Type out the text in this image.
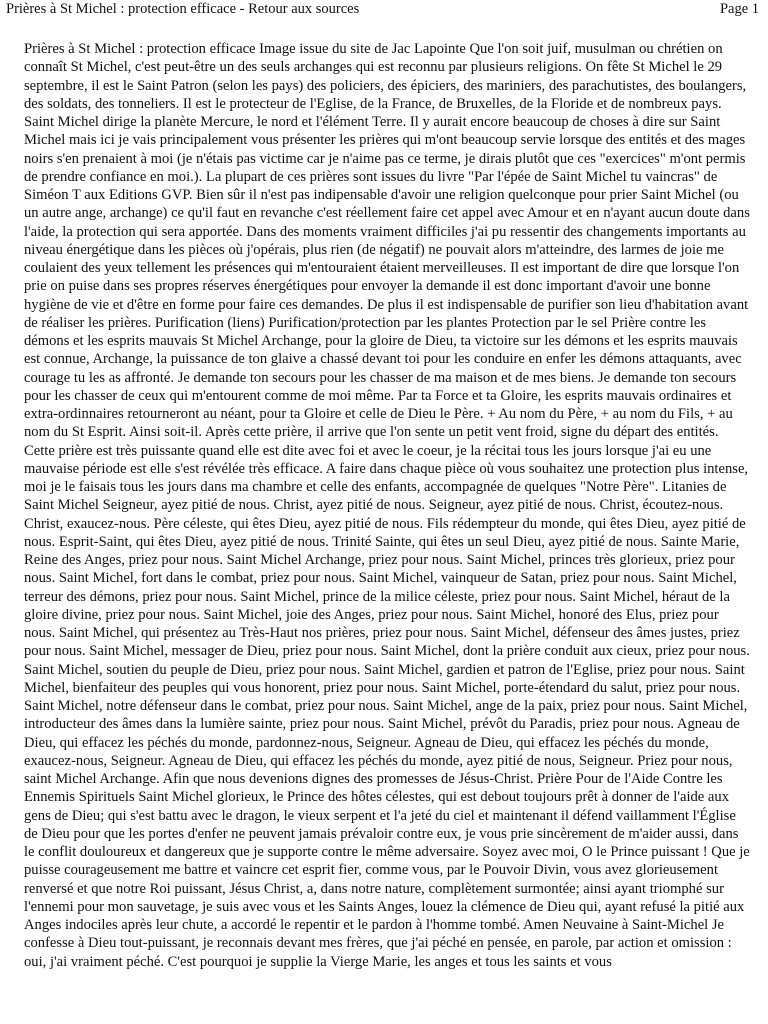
Prières à St Michel : protection efficace - Retour aux sources	Page 1

Prières à St Michel : protection efficace Image issue du site de Jac Lapointe Que l'on soit juif, musulman ou chrétien on connaît St Michel, c'est peut-être un des seuls archanges qui est reconnu par plusieurs religions. On fête St Michel le 29 septembre, il est le Saint Patron (selon les pays) des policiers, des épiciers, des mariniers, des parachutistes, des boulangers, des soldats, des tonneliers. Il est le protecteur de l'Eglise, de la France, de Bruxelles, de la Floride et de nombreux pays. Saint Michel dirige la planète Mercure, le nord et l'élément Terre. Il y aurait encore beaucoup de choses à dire sur Saint Michel mais ici je vais principalement vous présenter les prières qui m'ont beaucoup servie lorsque des entités et des mages noirs s'en prenaient à moi (je n'étais pas victime car je n'aime pas ce terme, je dirais plutôt que ces "exercices" m'ont permis de prendre confiance en moi.). La plupart de ces prières sont issues du livre "Par l'épée de Saint Michel tu vaincras" de Siméon T aux Editions GVP. Bien sûr il n'est pas indipensable d'avoir une religion quelconque pour prier Saint Michel (ou un autre ange, archange) ce qu'il faut en revanche c'est réellement faire cet appel avec Amour et en n'ayant aucun doute dans l'aide, la protection qui sera apportée. Dans des moments vraiment difficiles j'ai pu ressentir des changements importants au niveau énergétique dans les pièces où j'opérais, plus rien (de négatif) ne pouvait alors m'atteindre, des larmes de joie me coulaient des yeux tellement les présences qui m'entouraient étaient merveilleuses. Il est important de dire que lorsque l'on prie on puise dans ses propres réserves énergétiques pour envoyer la demande il est donc important d'avoir une bonne hygiène de vie et d'être en forme pour faire ces demandes. De plus il est indispensable de purifier son lieu d'habitation avant de réaliser les prières. Purification (liens) Purification/protection par les plantes Protection par le sel Prière contre les démons et les esprits mauvais St Michel Archange, pour la gloire de Dieu, ta victoire sur les démons et les esprits mauvais est connue, Archange, la puissance de ton glaive a chassé devant toi pour les conduire en enfer les démons attaquants, avec courage tu les as affronté. Je demande ton secours pour les chasser de ma maison et de mes biens. Je demande ton secours pour les chasser de ceux qui m'entourent comme de moi même. Par ta Force et ta Gloire, les esprits mauvais ordinaires et extra-ordinnaires retourneront au néant, pour ta Gloire et celle de Dieu le Père. + Au nom du Père, + au nom du Fils, + au nom du St Esprit. Ainsi soit-il. Après cette prière, il arrive que l'on sente un petit vent froid, signe du départ des entités. Cette prière est très puissante quand elle est dite avec foi et avec le coeur, je la récitai tous les jours lorsque j'ai eu une mauvaise période est elle s'est révélée très efficace. A faire dans chaque pièce où vous souhaitez une protection plus intense, moi je le faisais tous les jours dans ma chambre et celle des enfants, accompagnée de quelques "Notre Père". Litanies de Saint Michel Seigneur, ayez pitié de nous. Christ, ayez pitié de nous. Seigneur, ayez pitié de nous. Christ, écoutez-nous. Christ, exaucez-nous. Père céleste, qui êtes Dieu, ayez pitié de nous. Fils rédempteur du monde, qui êtes Dieu, ayez pitié de nous. Esprit-Saint, qui êtes Dieu, ayez pitié de nous. Trinité Sainte, qui êtes un seul Dieu, ayez pitié de nous. Sainte Marie, Reine des Anges, priez pour nous. Saint Michel Archange, priez pour nous. Saint Michel, princes très glorieux, priez pour nous. Saint Michel, fort dans le combat, priez pour nous. Saint Michel, vainqueur de Satan, priez pour nous. Saint Michel, terreur des démons, priez pour nous. Saint Michel, prince de la milice céleste, priez pour nous. Saint Michel, héraut de la gloire divine, priez pour nous. Saint Michel, joie des Anges, priez pour nous. Saint Michel, honoré des Elus, priez pour nous. Saint Michel, qui présentez au Très-Haut nos prières, priez pour nous. Saint Michel, défenseur des âmes justes, priez pour nous. Saint Michel, messager de Dieu, priez pour nous. Saint Michel, dont la prière conduit aux cieux, priez pour nous. Saint Michel, soutien du peuple de Dieu, priez pour nous. Saint Michel, gardien et patron de l'Eglise, priez pour nous. Saint Michel, bienfaiteur des peuples qui vous honorent, priez pour nous. Saint Michel, porte-étendard du salut, priez pour nous. Saint Michel, notre défenseur dans le combat, priez pour nous. Saint Michel, ange de la paix, priez pour nous. Saint Michel, introducteur des âmes dans la lumière sainte, priez pour nous. Saint Michel, prévôt du Paradis, priez pour nous. Agneau de Dieu, qui effacez les péchés du monde, pardonnez-nous, Seigneur. Agneau de Dieu, qui effacez les péchés du monde, exaucez-nous, Seigneur. Agneau de Dieu, qui effacez les péchés du monde, ayez pitié de nous, Seigneur. Priez pour nous, saint Michel Archange. Afin que nous devenions dignes des promesses de Jésus-Christ. Prière Pour de l'Aide Contre les Ennemis Spirituels Saint Michel glorieux, le Prince des hôtes célestes, qui est debout toujours prêt à donner de l'aide aux gens de Dieu; qui s'est battu avec le dragon, le vieux serpent et l'a jeté du ciel et maintenant il défend vaillamment l'Église de Dieu pour que les portes d'enfer ne peuvent jamais prévaloir contre eux, je vous prie sincèrement de m'aider aussi, dans le conflit douloureux et dangereux que je supporte contre le même adversaire. Soyez avec moi, O le Prince puissant ! Que je puisse courageusement me battre et vaincre cet esprit fier, comme vous, par le Pouvoir Divin, vous avez glorieusement renversé et que notre Roi puissant, Jésus Christ, a, dans notre nature, complètement surmontée; ainsi ayant triomphé sur l'ennemi pour mon sauvetage, je suis avec vous et les Saints Anges, louez la clémence de Dieu qui, ayant refusé la pitié aux Anges indociles après leur chute, a accordé le repentir et le pardon à l'homme tombé. Amen Neuvaine à Saint-Michel Je confesse à Dieu tout-puissant, je reconnais devant mes frères, que j'ai péché en pensée, en parole, par action et omission : oui, j'ai vraiment péché. C'est pourquoi je supplie la Vierge Marie, les anges et tous les saints et vous
